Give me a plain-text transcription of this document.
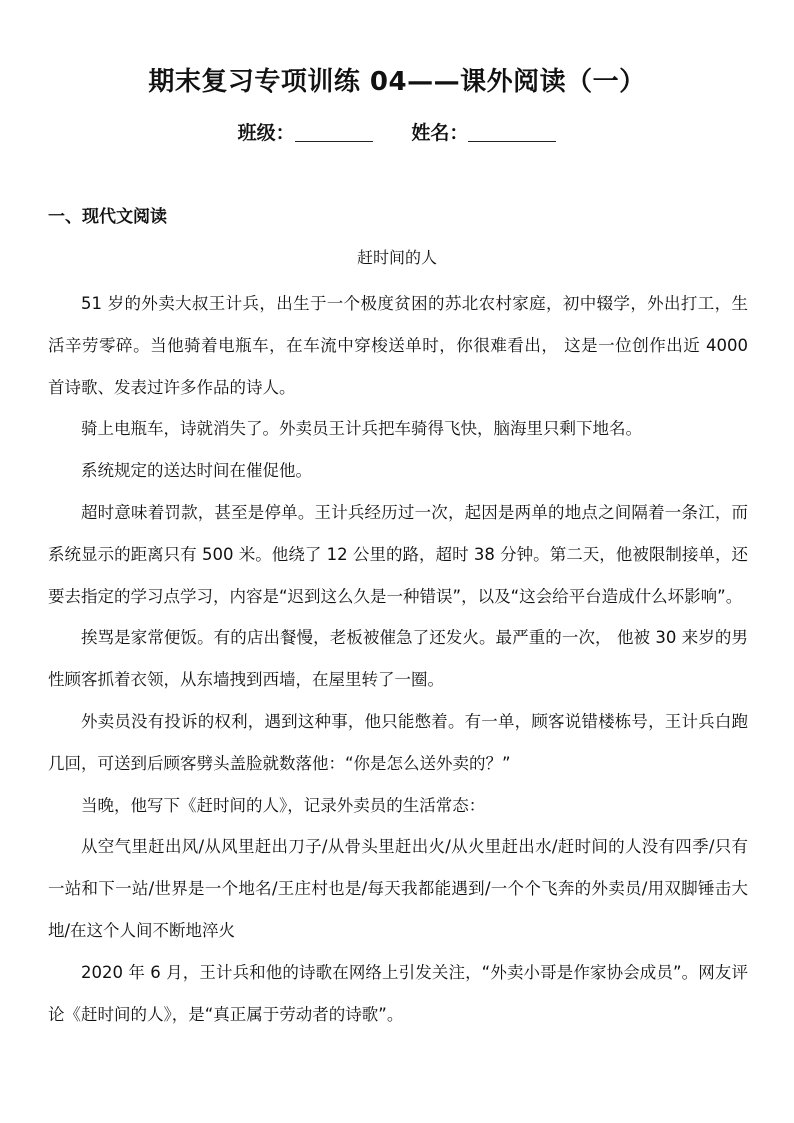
期末复习专项训练 04——课外阅读（一）
班级：	姓名：
一、现代文阅读
赶时间的人

51 岁的外卖大叔王计兵，出生于一个极度贫困的苏北农村家庭，初中辍学，外出打工，生活辛劳零碎。当他骑着电瓶车，在车流中穿梭送单时，你很难看出， 这是一位创作出近 4000 首诗歌、发表过许多作品的诗人。

骑上电瓶车，诗就消失了。外卖员王计兵把车骑得飞快，脑海里只剩下地名。

系统规定的送达时间在催促他。

超时意味着罚款，甚至是停单。王计兵经历过一次，起因是两单的地点之间隔着一条江，而系统显示的距离只有 500 米。他绕了 12 公里的路，超时 38 分钟。第二天，他被限制接单，还要去指定的学习点学习，内容是“迟到这么久是一种错误”，以及“这会给平台造成什么坏影响”。

挨骂是家常便饭。有的店出餐慢，老板被催急了还发火。最严重的一次， 他被 30 来岁的男性顾客抓着衣领，从东墙拽到西墙，在屋里转了一圈。

外卖员没有投诉的权利，遇到这种事，他只能憋着。有一单，顾客说错楼栋号，王计兵白跑几回，可送到后顾客劈头盖脸就数落他：“你是怎么送外卖的？”

当晚，他写下《赶时间的人》，记录外卖员的生活常态：

从空气里赶出风/从风里赶出刀子/从骨头里赶出火/从火里赶出水/赶时间的人没有四季/只有一站和下一站/世界是一个地名/王庄村也是/每天我都能遇到/一个个飞奔的外卖员/用双脚锤击大地/在这个人间不断地淬火

2020 年 6 月，王计兵和他的诗歌在网络上引发关注，“外卖小哥是作家协会成员”。网友评论《赶时间的人》，是“真正属于劳动者的诗歌”。
